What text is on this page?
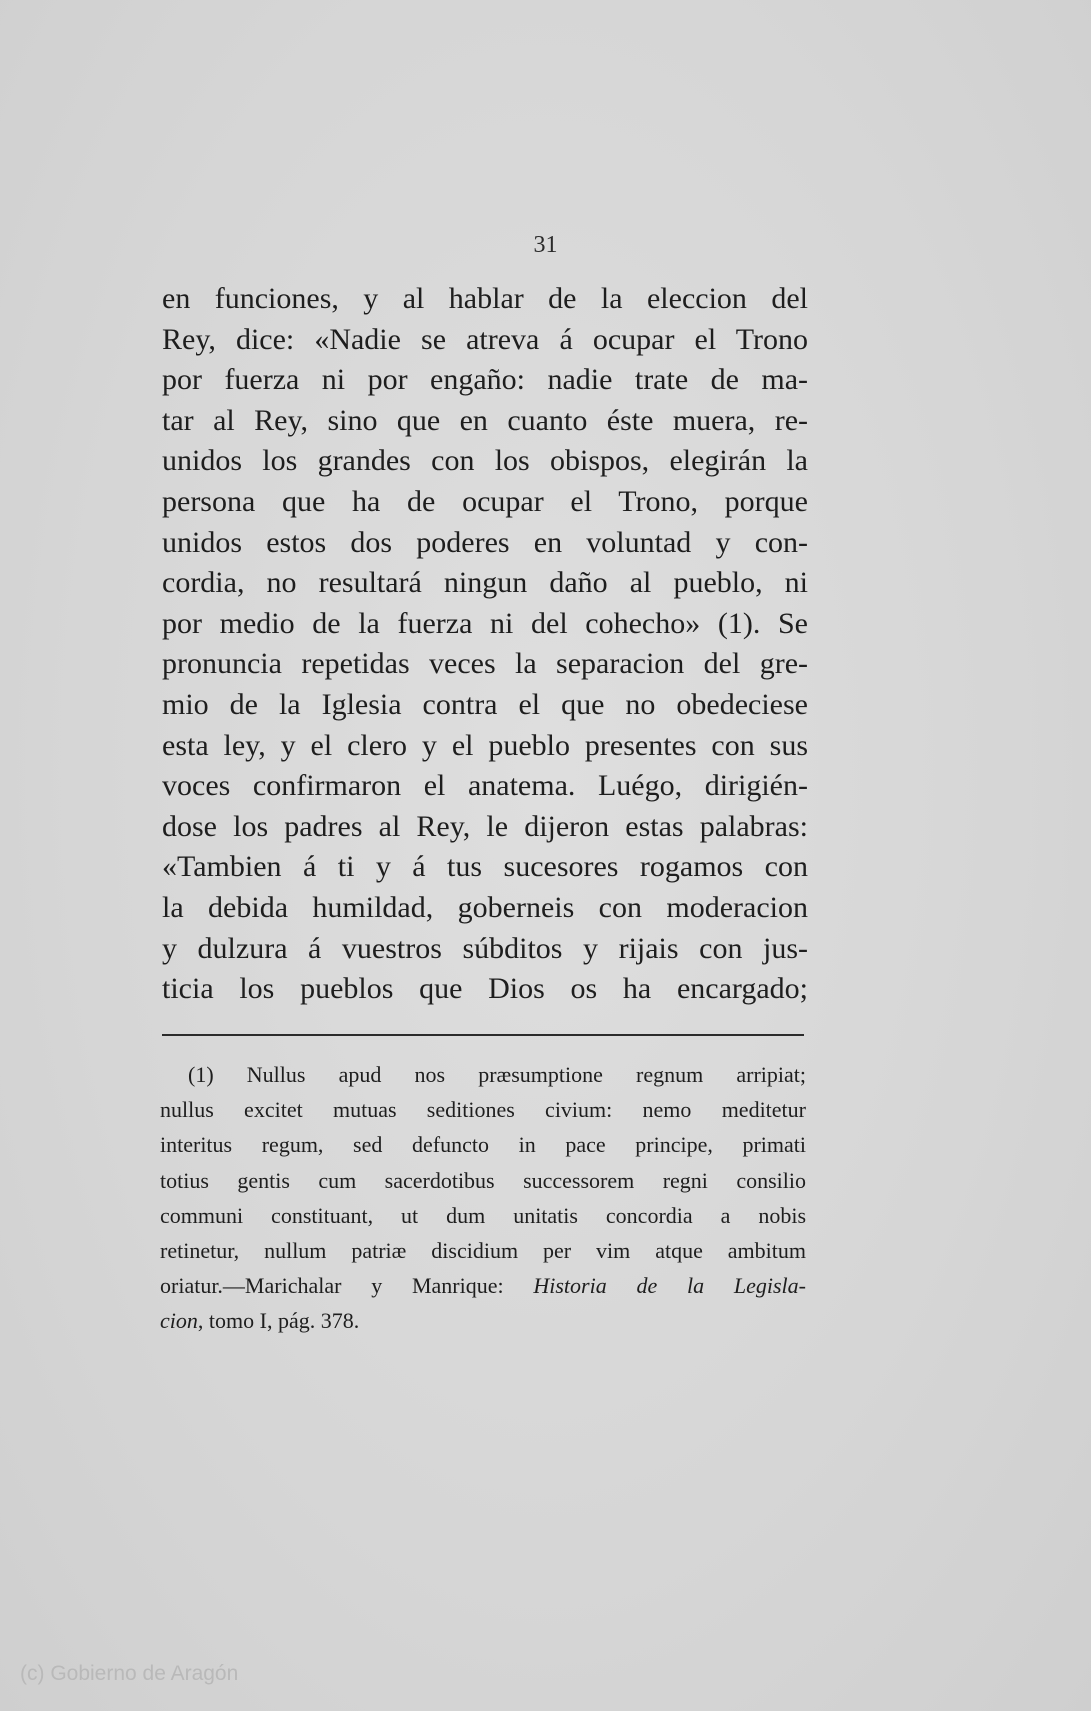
31
en funciones, y al hablar de la eleccion del
Rey, dice: «Nadie se atreva á ocupar el Trono
por fuerza ni por engaño: nadie trate de ma-
tar al Rey, sino que en cuanto éste muera, re-
unidos los grandes con los obispos, elegirán la
persona que ha de ocupar el Trono, porque
unidos estos dos poderes en voluntad y con-
cordia, no resultará ningun daño al pueblo, ni
por medio de la fuerza ni del cohecho» (1). Se
pronuncia repetidas veces la separacion del gre-
mio de la Iglesia contra el que no obedeciese
esta ley, y el clero y el pueblo presentes con sus
voces confirmaron el anatema. Luégo, dirigién-
dose los padres al Rey, le dijeron estas palabras:
«Tambien á ti y á tus sucesores rogamos con
la debida humildad, goberneis con moderacion
y dulzura á vuestros súbditos y rijais con jus-
ticia los pueblos que Dios os ha encargado;
(1) Nullus apud nos præsumptione regnum arripiat;
nullus excitet mutuas seditiones civium: nemo meditetur
interitus regum, sed defuncto in pace principe, primati
totius gentis cum sacerdotibus successorem regni consilio
communi constituant, ut dum unitatis concordia a nobis
retinetur, nullum patriæ discidium per vim atque ambitum
oriatur.—Marichalar y Manrique: Historia de la Legisla-
cion, tomo I, pág. 378.
(c) Gobierno de Aragón
